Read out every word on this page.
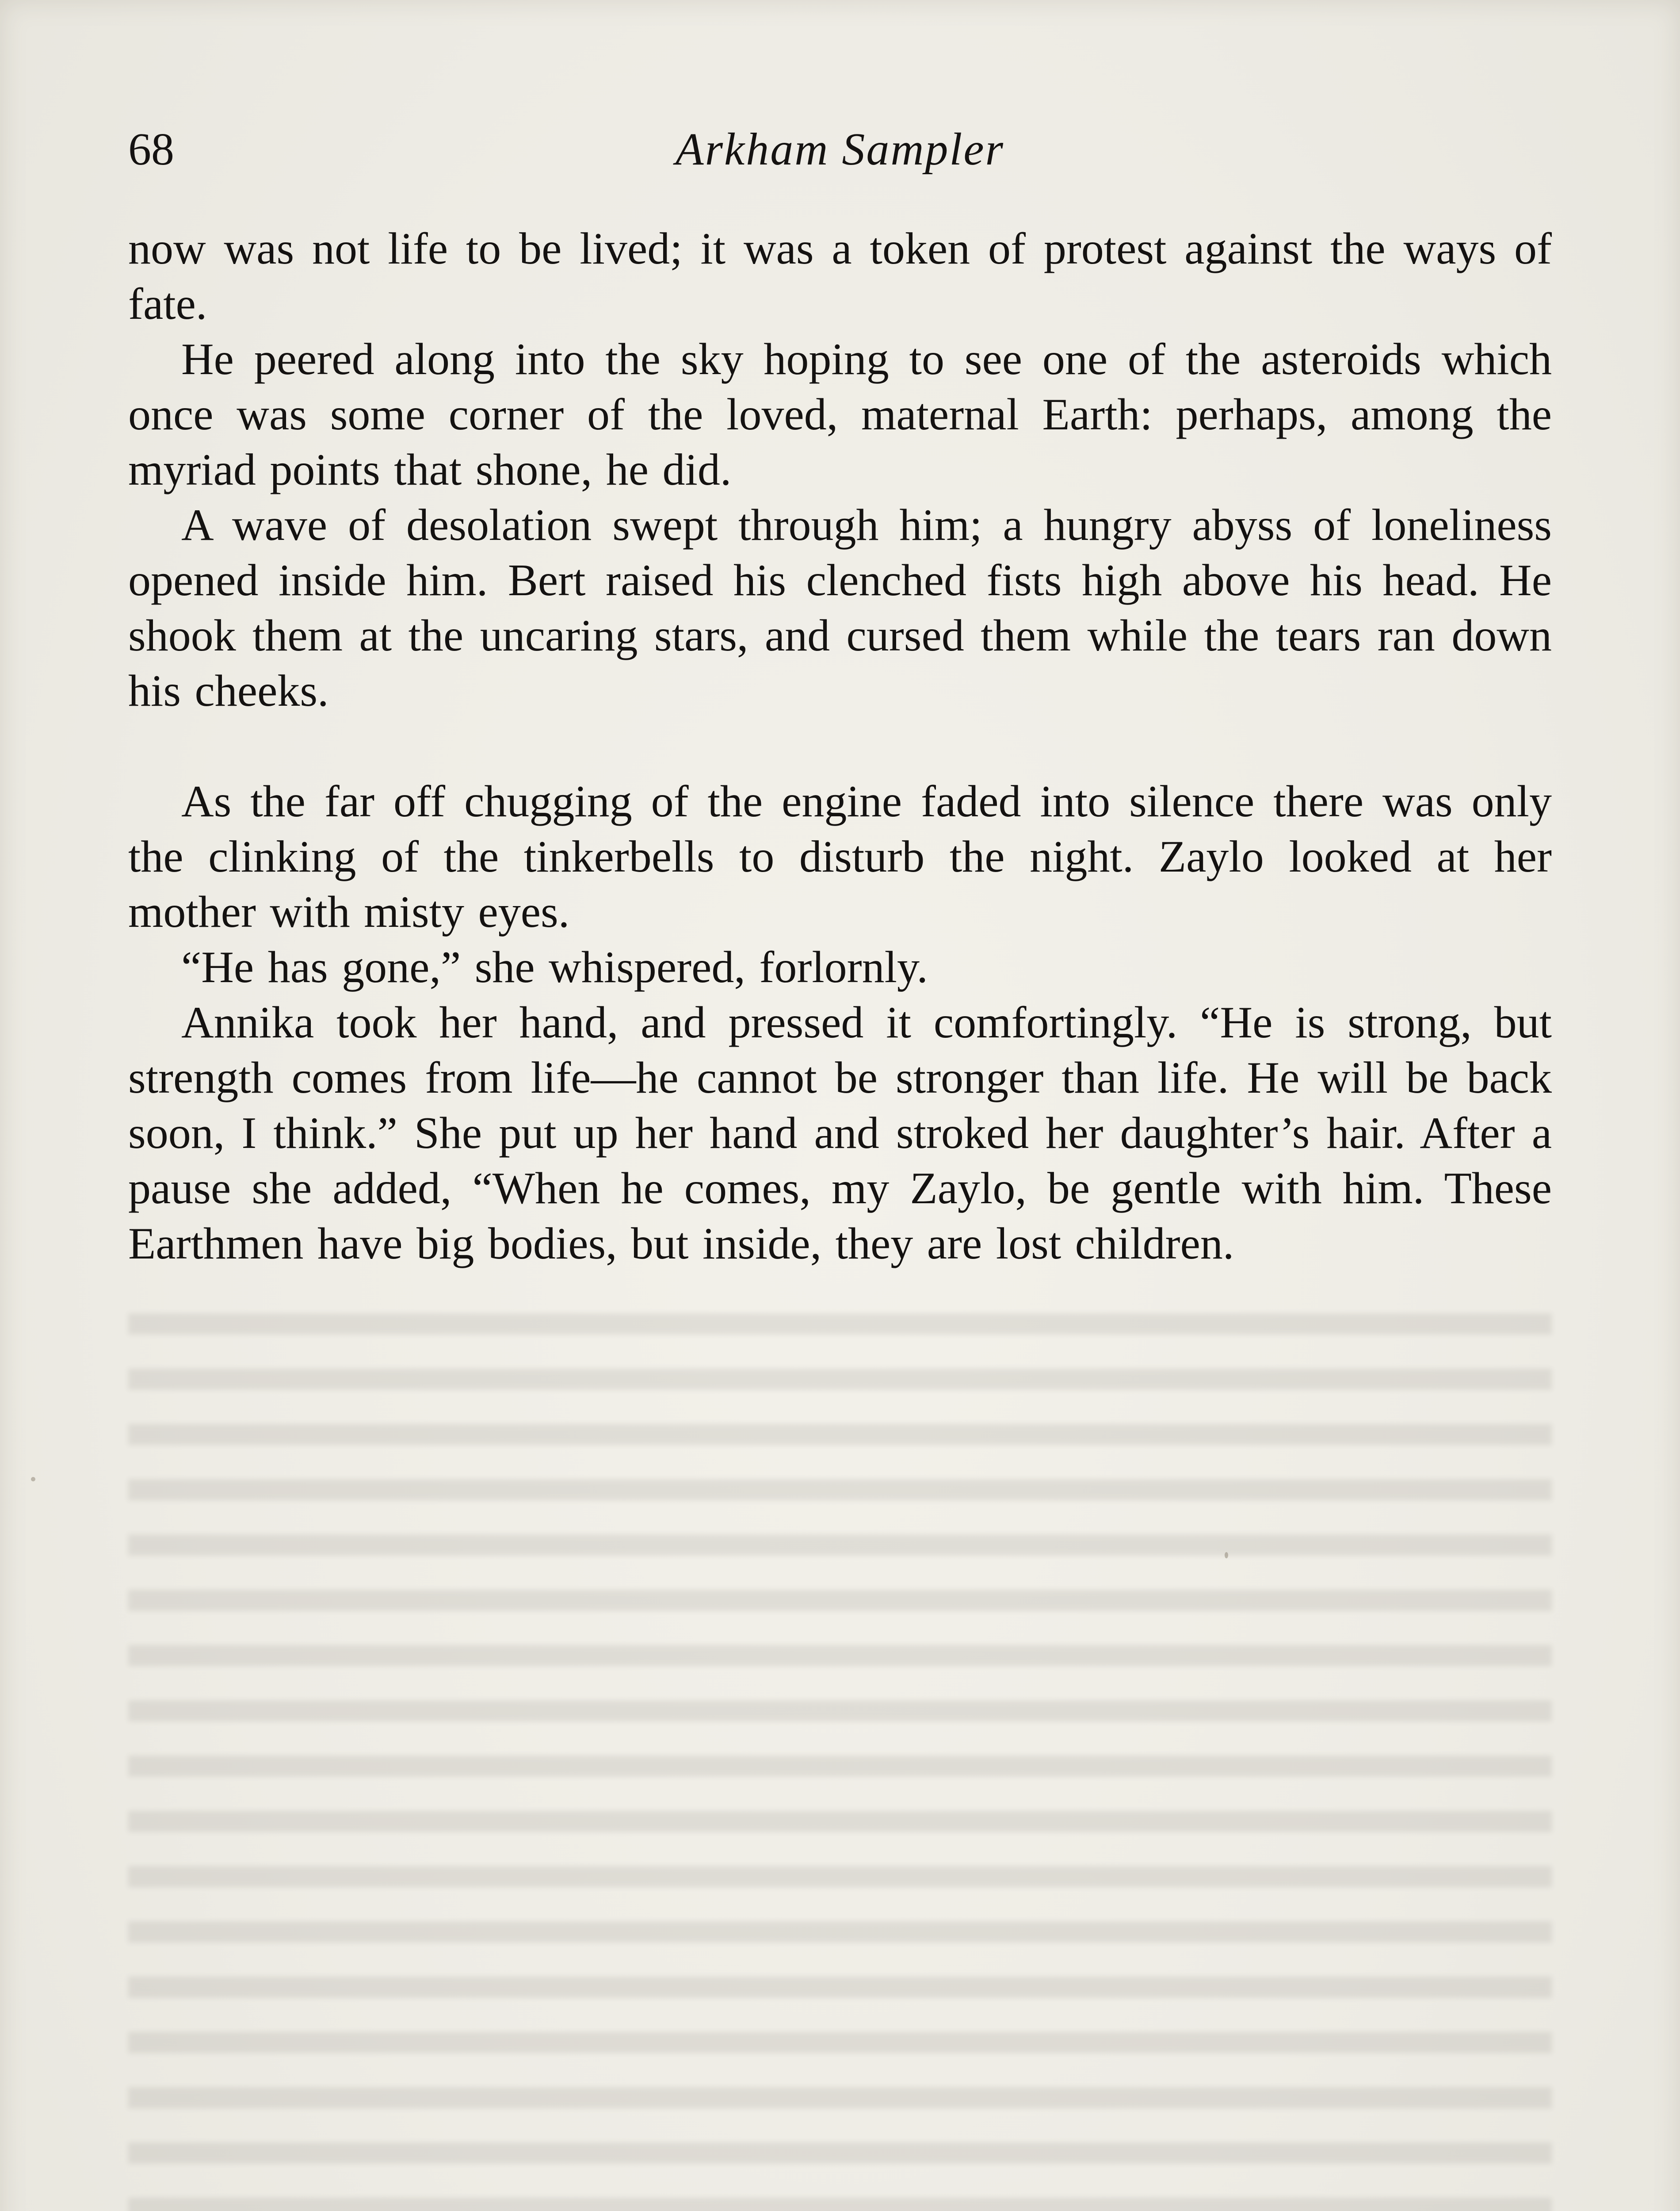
68	Arkham Sampler

now was not life to be lived; it was a token of protest against the ways of fate.

He peered along into the sky hoping to see one of the asteroids which once was some corner of the loved, maternal Earth: perhaps, among the myriad points that shone, he did.

A wave of desolation swept through him; a hungry abyss of loneliness opened inside him. Bert raised his clenched fists high above his head. He shook them at the uncaring stars, and cursed them while the tears ran down his cheeks.

As the far off chugging of the engine faded into silence there was only the clinking of the tinkerbells to disturb the night. Zaylo looked at her mother with misty eyes.

“He has gone,” she whispered, forlornly.

Annika took her hand, and pressed it comfortingly. “He is strong, but strength comes from life—he cannot be stronger than life. He will be back soon, I think.” She put up her hand and stroked her daughter’s hair. After a pause she added, “When he comes, my Zaylo, be gentle with him. These Earthmen have big bodies, but inside, they are lost children.
